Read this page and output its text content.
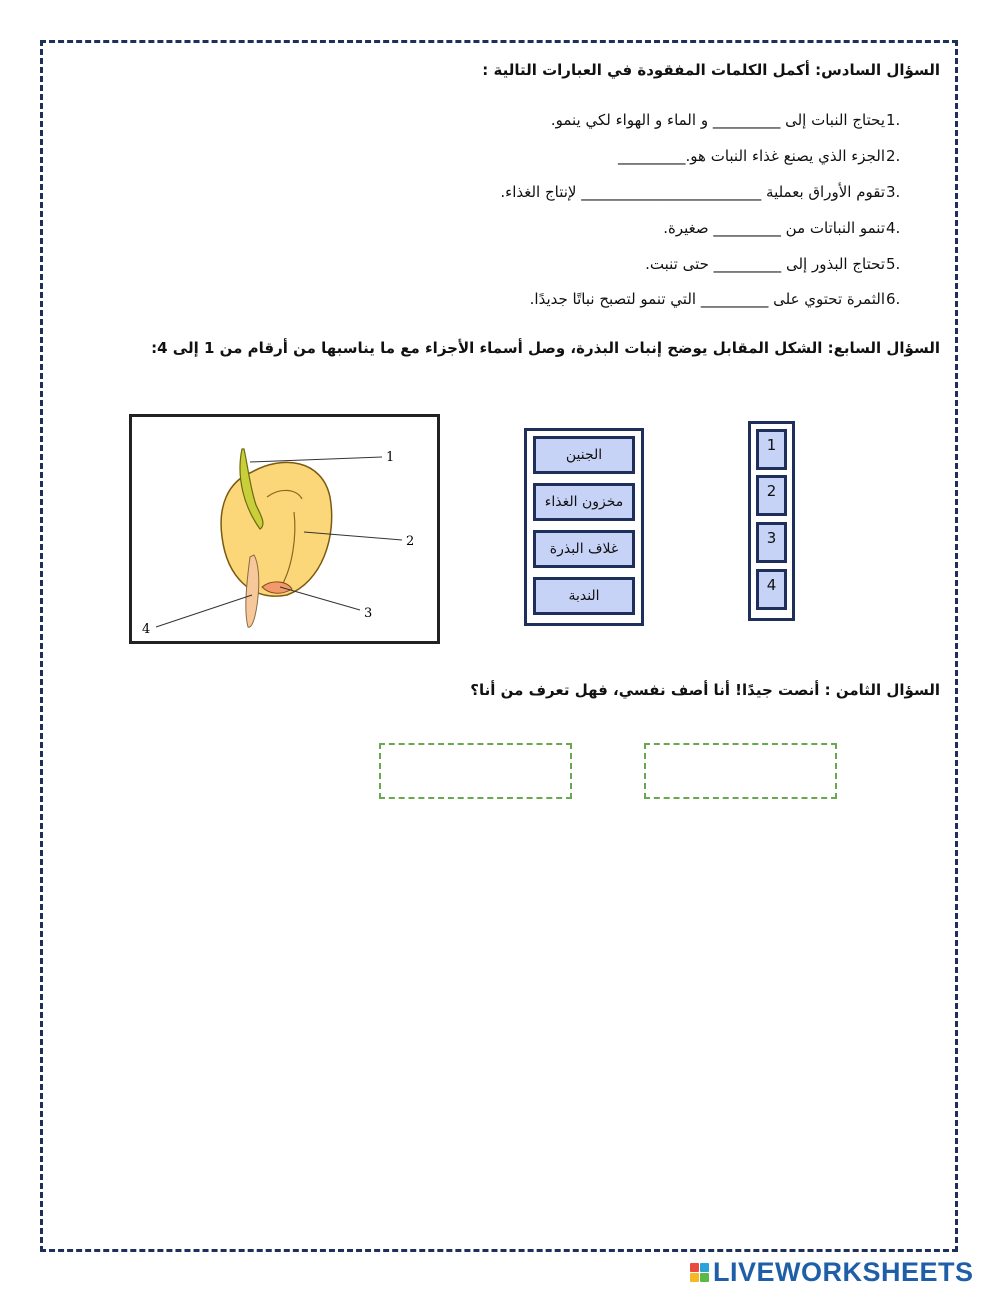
السؤال السادس: أكمل الكلمات المفقودة في العبارات التالية :
1.
يحتاج النبات إلى _________ و الماء و الهواء لكي ينمو.
2.
الجزء الذي يصنع غذاء النبات هو._________
3.
تقوم الأوراق بعملية ________________________ لإنتاج الغذاء.
4.
تنمو النباتات من _________ صغيرة.
5.
تحتاج البذور إلى _________ حتى تنبت.
6.
الثمرة تحتوي على _________ التي تنمو لتصبح نباتًا جديدًا.
السؤال السابع: الشكل المقابل يوضح إنبات البذرة، وصل أسماء الأجزاء مع ما يناسبها من أرقام من 1 إلى 4:
1
2
3
4
الجنين
مخزون الغذاء
غلاف البذرة
الندبة
1
2
3
4
السؤال الثامن : أنصت جيدًا! أنا أصف نفسي، فهل تعرف من أنا؟
LIVEWORKSHEETS
